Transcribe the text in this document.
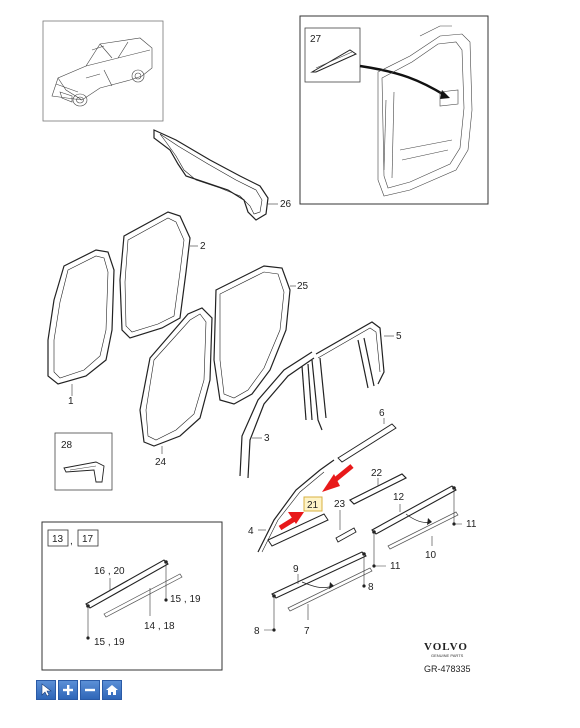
27
26
2
1
25
24
5
3
6
4
21 23
22
12
10
11
11
9
7
8
8
28
13 , 17
16 , 20
15 , 19
14 , 18
15 , 19	VOLVO
GENUINE PARTS
GR-478335
